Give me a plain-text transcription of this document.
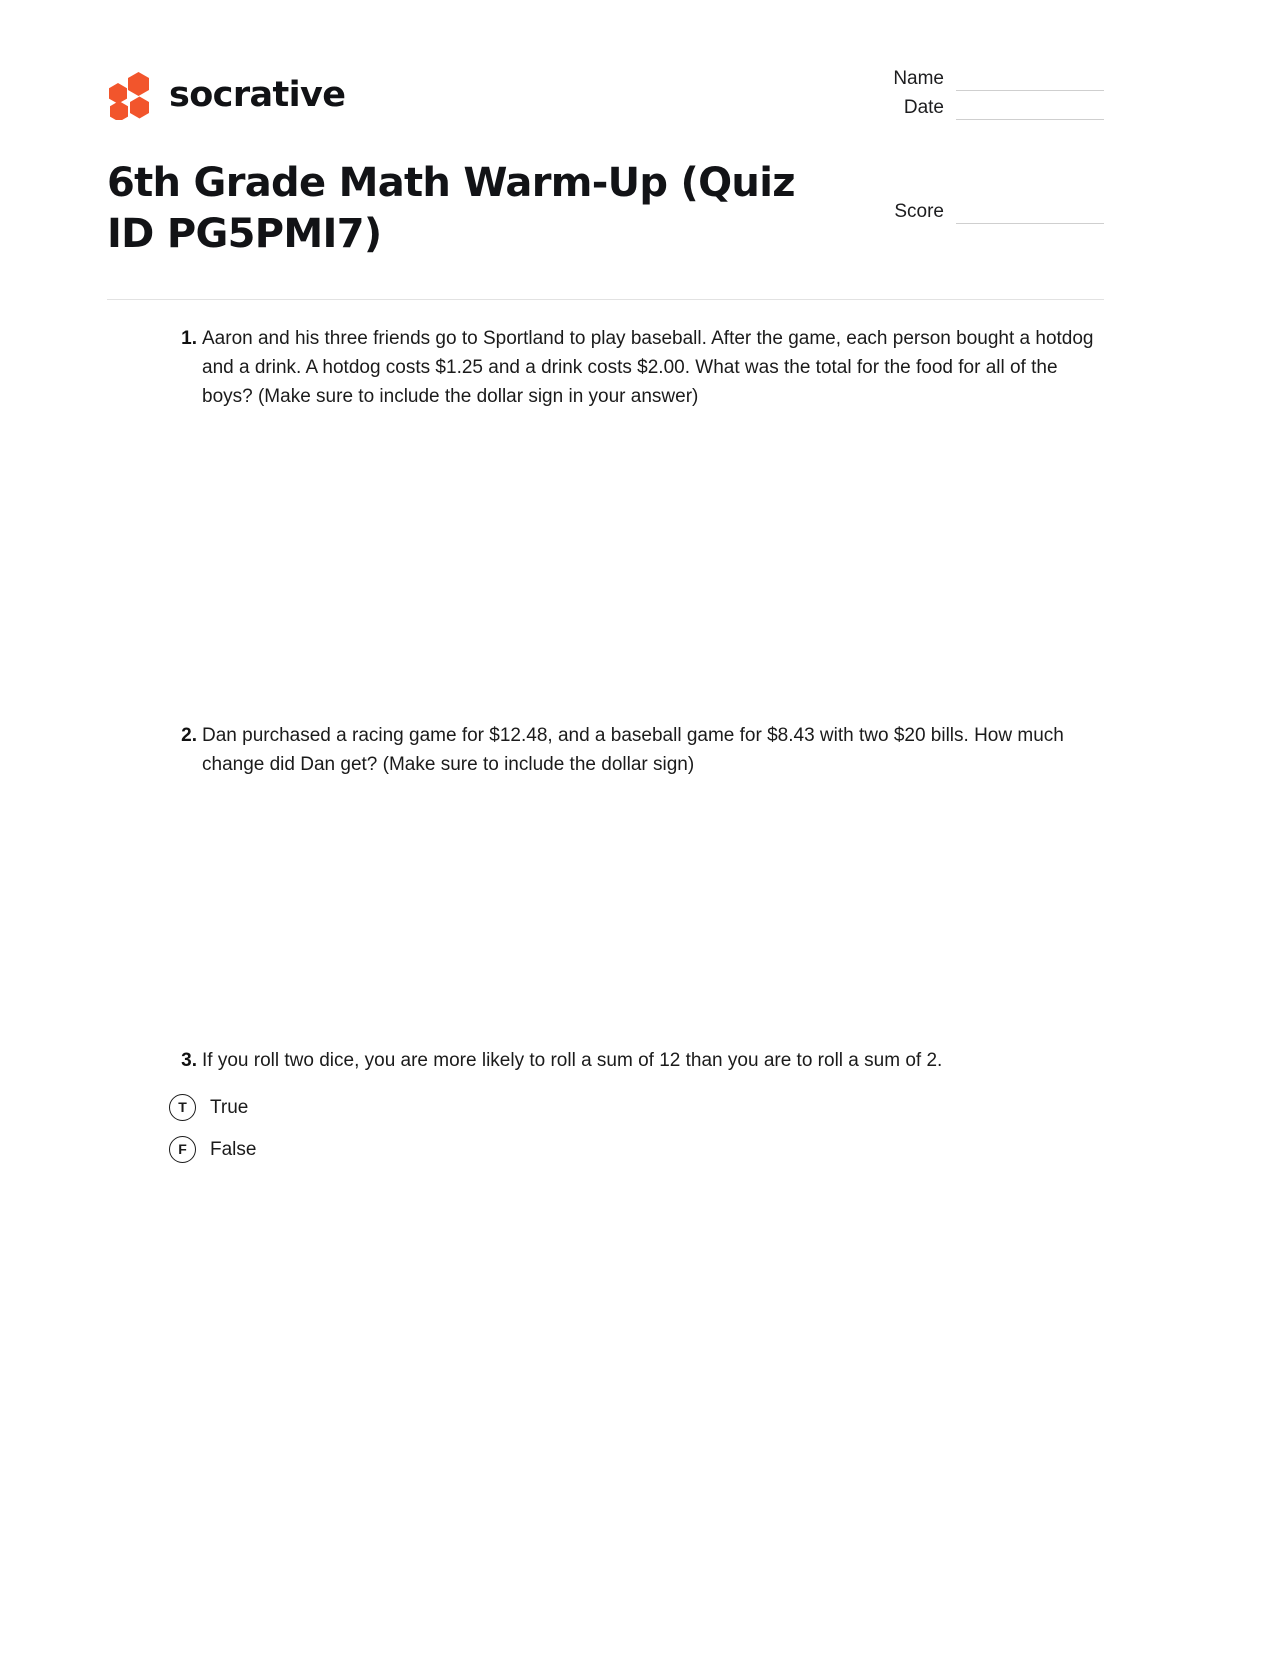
socrative	Name
Date
Score
6th Grade Math Warm-Up (Quiz ID PG5PMI7)
1. Aaron and his three friends go to Sportland to play baseball. After the game, each person bought a hotdog and a drink. A hotdog costs $1.25 and a drink costs $2.00. What was the total for the food for all of the boys? (Make sure to include the dollar sign in your answer)

2. Dan purchased a racing game for $12.48, and a baseball game for $8.43 with two $20 bills. How much change did Dan get? (Make sure to include the dollar sign)

3. If you roll two dice, you are more likely to roll a sum of 12 than you are to roll a sum of 2.

T	True
F	False
